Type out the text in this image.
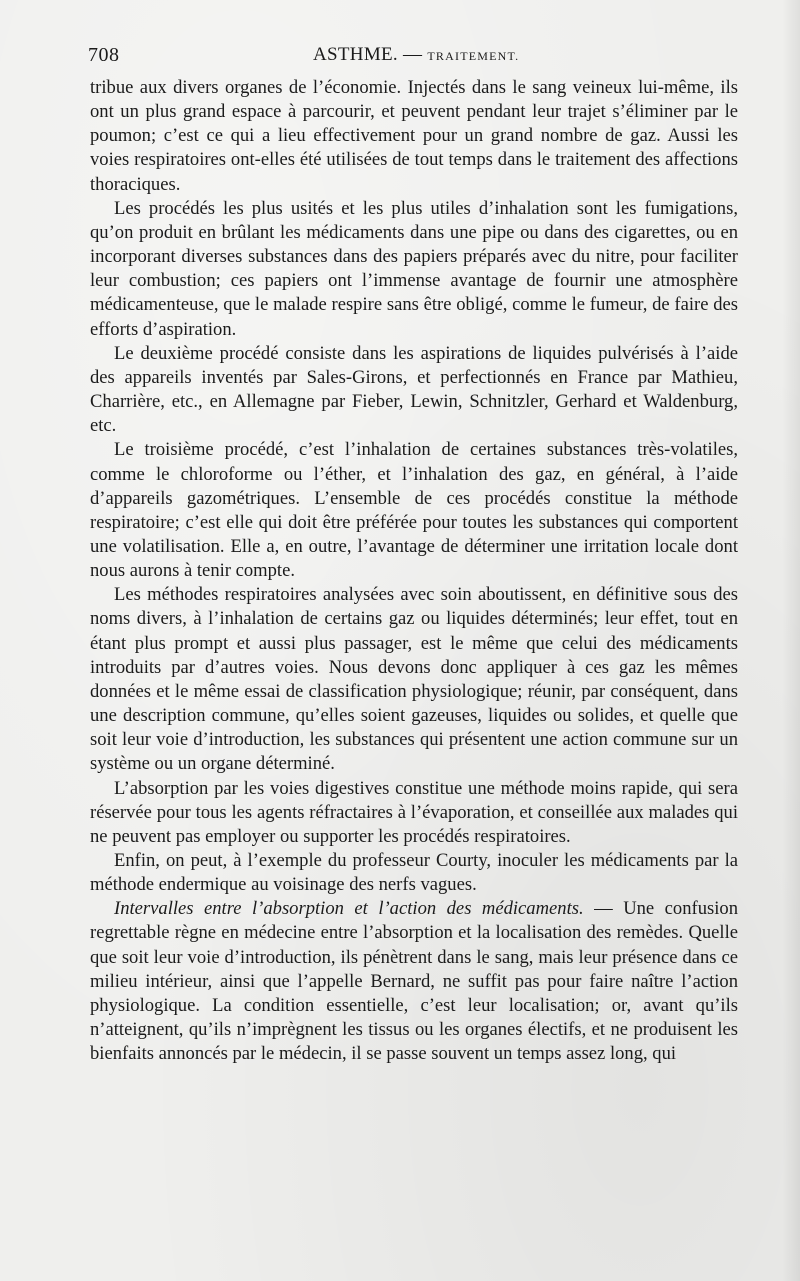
708	ASTHME. — TRAITEMENT.

tribue aux divers organes de l’économie. Injectés dans le sang veineux lui-même, ils ont un plus grand espace à parcourir, et peuvent pendant leur trajet s’éliminer par le poumon; c’est ce qui a lieu effectivement pour un grand nombre de gaz. Aussi les voies respiratoires ont-elles été utilisées de tout temps dans le traitement des affections thoraciques.

Les procédés les plus usités et les plus utiles d’inhalation sont les fumigations, qu’on produit en brûlant les médicaments dans une pipe ou dans des cigarettes, ou en incorporant diverses substances dans des papiers préparés avec du nitre, pour faciliter leur combustion; ces papiers ont l’immense avantage de fournir une atmosphère médicamenteuse, que le malade respire sans être obligé, comme le fumeur, de faire des efforts d’aspiration.

Le deuxième procédé consiste dans les aspirations de liquides pulvérisés à l’aide des appareils inventés par Sales-Girons, et perfectionnés en France par Mathieu, Charrière, etc., en Allemagne par Fieber, Lewin, Schnitzler, Gerhard et Waldenburg, etc.

Le troisième procédé, c’est l’inhalation de certaines substances très-volatiles, comme le chloroforme ou l’éther, et l’inhalation des gaz, en général, à l’aide d’appareils gazométriques. L’ensemble de ces procédés constitue la méthode respiratoire; c’est elle qui doit être préférée pour toutes les substances qui comportent une volatilisation. Elle a, en outre, l’avantage de déterminer une irritation locale dont nous aurons à tenir compte.

Les méthodes respiratoires analysées avec soin aboutissent, en définitive sous des noms divers, à l’inhalation de certains gaz ou liquides déterminés; leur effet, tout en étant plus prompt et aussi plus passager, est le même que celui des médicaments introduits par d’autres voies. Nous devons donc appliquer à ces gaz les mêmes données et le même essai de classification physiologique; réunir, par conséquent, dans une description commune, qu’elles soient gazeuses, liquides ou solides, et quelle que soit leur voie d’introduction, les substances qui présentent une action commune sur un système ou un organe déterminé.

L’absorption par les voies digestives constitue une méthode moins rapide, qui sera réservée pour tous les agents réfractaires à l’évaporation, et conseillée aux malades qui ne peuvent pas employer ou supporter les procédés respiratoires.

Enfin, on peut, à l’exemple du professeur Courty, inoculer les médicaments par la méthode endermique au voisinage des nerfs vagues.

Intervalles entre l’absorption et l’action des médicaments. — Une confusion regrettable règne en médecine entre l’absorption et la localisation des remèdes. Quelle que soit leur voie d’introduction, ils pénètrent dans le sang, mais leur présence dans ce milieu intérieur, ainsi que l’appelle Bernard, ne suffit pas pour faire naître l’action physiologique. La condition essentielle, c’est leur localisation; or, avant qu’ils n’atteignent, qu’ils n’imprègnent les tissus ou les organes électifs, et ne produisent les bienfaits annoncés par le médecin, il se passe souvent un temps assez long, qui
